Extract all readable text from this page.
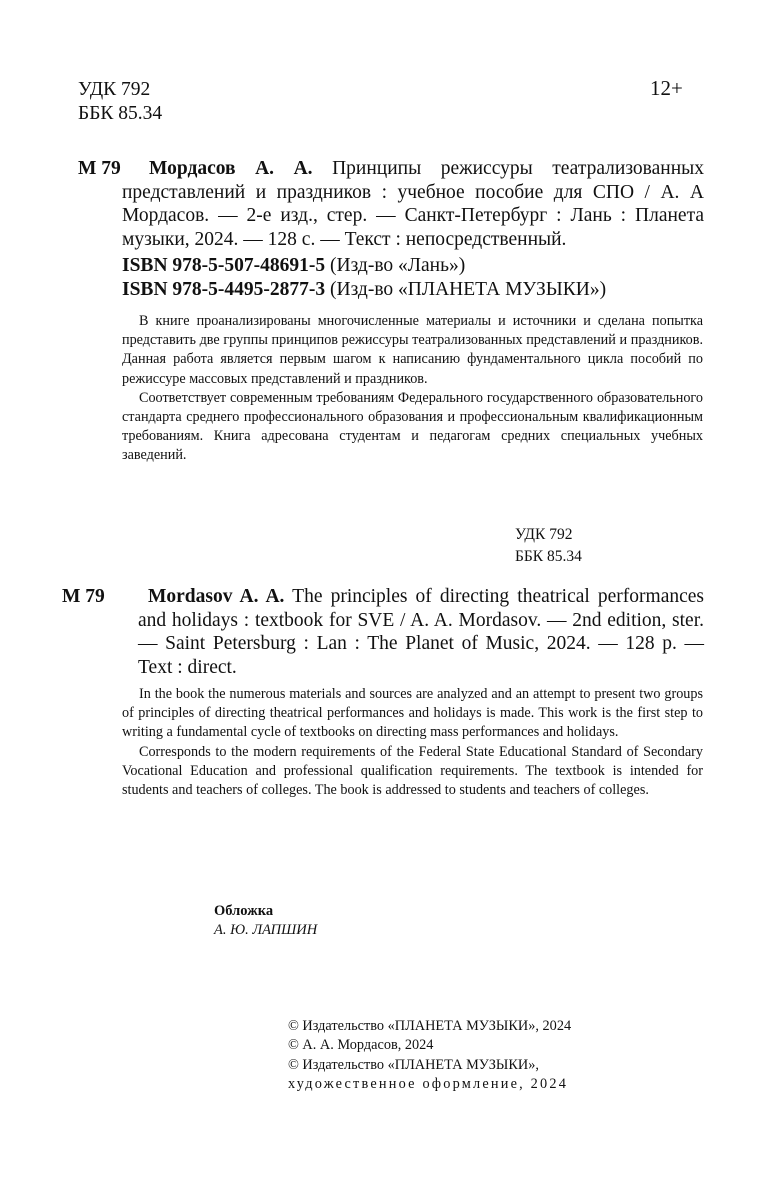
УДК 792
ББК 85.34
12+
М 79	Мордасов А. А. Принципы режиссуры театрализованных представлений и праздников : учебное пособие для СПО / А. А Мордасов. — 2-е изд., стер. — Санкт-Петербург : Лань : Планета музыки, 2024. — 128 с. — Текст : непосредственный.

ISBN 978-5-507-48691-5 (Изд-во «Лань»)
ISBN 978-5-4495-2877-3 (Изд-во «ПЛАНЕТА МУЗЫКИ»)

В книге проанализированы многочисленные материалы и источники и сделана попытка представить две группы принципов режиссуры театрализованных представлений и праздников. Данная работа является первым шагом к написанию фундаментального цикла пособий по режиссуре массовых представлений и праздников.

Соответствует современным требованиям Федерального государственного образовательного стандарта среднего профессионального образования и профессиональным квалификационным требованиям. Книга адресована студентам и педагогам средних специальных учебных заведений.

УДК 792
ББК 85.34
M 79	Mordasov A. A. The principles of directing theatrical performances and holidays : textbook for SVE / A. A. Mordasov. — 2nd edition, ster. — Saint Petersburg : Lan : The Planet of Music, 2024. — 128 p. — Text : direct.

In the book the numerous materials and sources are analyzed and an attempt to present two groups of principles of directing theatrical performances and holidays is made. This work is the first step to writing a fundamental cycle of textbooks on directing mass performances and holidays.

Corresponds to the modern requirements of the Federal State Educational Standard of Secondary Vocational Education and professional qualification requirements. The textbook is intended for students and teachers of colleges. The book is addressed to students and teachers of colleges.

Обложка
А. Ю. ЛАПШИН
© Издательство «ПЛАНЕТА МУЗЫКИ», 2024
© А. А. Мордасов, 2024
© Издательство «ПЛАНЕТА МУЗЫКИ»,
художественное оформление, 2024
